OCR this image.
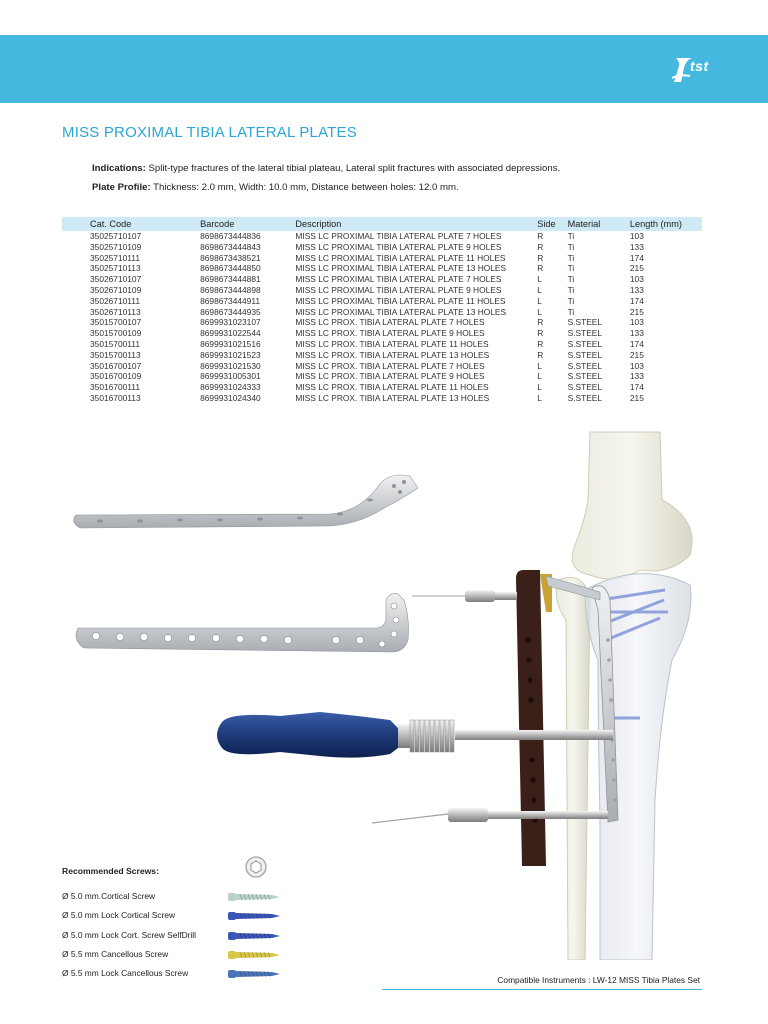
tst
MISS PROXIMAL TIBIA LATERAL PLATES
Indications: Split-type fractures of the lateral tibial plateau, Lateral split fractures with associated depressions.
Plate Profile: Thickness: 2.0 mm, Width: 10.0 mm, Distance between holes: 12.0 mm.
Cat. Code	Barcode	Description	Side	Material	Length (mm)
35025710107	8698673444836	MISS LC PROXIMAL TIBIA LATERAL PLATE 7 HOLES	R	Ti	103
35025710109	8698673444843	MISS LC PROXIMAL TIBIA LATERAL PLATE 9 HOLES	R	Ti	133
35025710111	8698673438521	MISS LC PROXIMAL TIBIA LATERAL PLATE 11 HOLES	R	Ti	174
35025710113	8698673444850	MISS LC PROXIMAL TIBIA LATERAL PLATE 13 HOLES	R	Ti	215
35026710107	8698673444881	MISS LC PROXIMAL TIBIA LATERAL PLATE 7 HOLES	L	Ti	103
35026710109	8698673444898	MISS LC PROXIMAL TIBIA LATERAL PLATE 9 HOLES	L	Ti	133
35026710111	8698673444911	MISS LC PROXIMAL TIBIA LATERAL PLATE 11 HOLES	L	Ti	174
35026710113	8698673444935	MISS LC PROXIMAL TIBIA LATERAL PLATE 13 HOLES	L	Ti	215
35015700107	8699931023107	MISS LC PROX. TIBIA LATERAL PLATE 7 HOLES	R	S.STEEL	103
35015700109	8699931022544	MISS LC PROX. TIBIA LATERAL PLATE 9 HOLES	R	S.STEEL	133
35015700111	8699931021516	MISS LC PROX. TIBIA LATERAL PLATE 11 HOLES	R	S.STEEL	174
35015700113	8699931021523	MISS LC PROX. TIBIA LATERAL PLATE 13 HOLES	R	S.STEEL	215
35016700107	8699931021530	MISS LC PROX. TIBIA LATERAL PLATE 7 HOLES	L	S.STEEL	103
35016700109	8699931005301	MISS LC PROX. TIBIA LATERAL PLATE 9 HOLES	L	S.STEEL	133
35016700111	8699931024333	MISS LC PROX. TIBIA LATERAL PLATE 11 HOLES	L	S.STEEL	174
35016700113	8699931024340	MISS LC PROX. TIBIA LATERAL PLATE 13 HOLES	L	S.STEEL	215
Recommended Screws:
Ø 5.0 mm.Cortical Screw
Ø 5.0 mm Lock Cortical Screw
Ø 5.0 mm Lock Cort. Screw SelfDrill
Ø 5.5 mm Cancellous Screw
Ø 5.5 mm Lock Cancellous Screw
Compatible Instruments : LW-12 MISS Tibia Plates Set
